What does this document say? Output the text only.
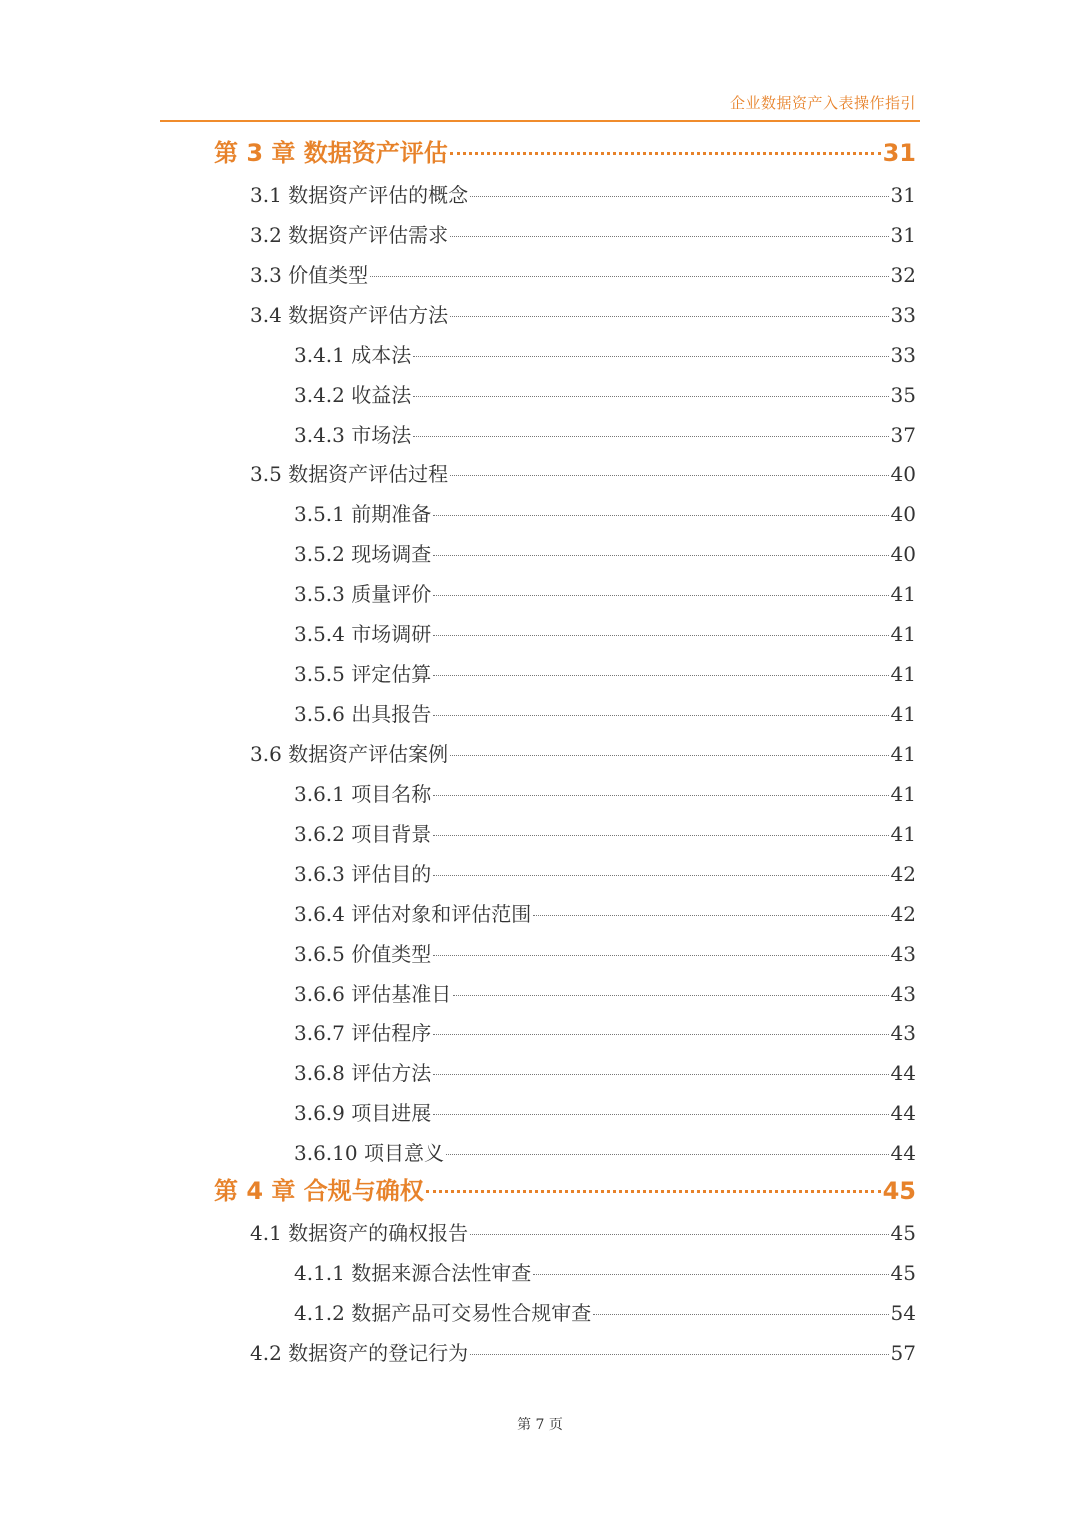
企业数据资产入表操作指引
第 3 章 数据资产评估	31
3.1 数据资产评估的概念	31
3.2 数据资产评估需求	31
3.3 价值类型	32
3.4 数据资产评估方法	33
3.4.1 成本法	33
3.4.2 收益法	35
3.4.3 市场法	37
3.5 数据资产评估过程	40
3.5.1 前期准备	40
3.5.2 现场调查	40
3.5.3 质量评价	41
3.5.4 市场调研	41
3.5.5 评定估算	41
3.5.6 出具报告	41
3.6 数据资产评估案例	41
3.6.1 项目名称	41
3.6.2 项目背景	41
3.6.3 评估目的	42
3.6.4 评估对象和评估范围	42
3.6.5 价值类型	43
3.6.6 评估基准日	43
3.6.7 评估程序	43
3.6.8 评估方法	44
3.6.9 项目进展	44
3.6.10 项目意义	44
第 4 章 合规与确权	45
4.1 数据资产的确权报告	45
4.1.1 数据来源合法性审查	45
4.1.2 数据产品可交易性合规审查	54
4.2 数据资产的登记行为	57
第 7 页
